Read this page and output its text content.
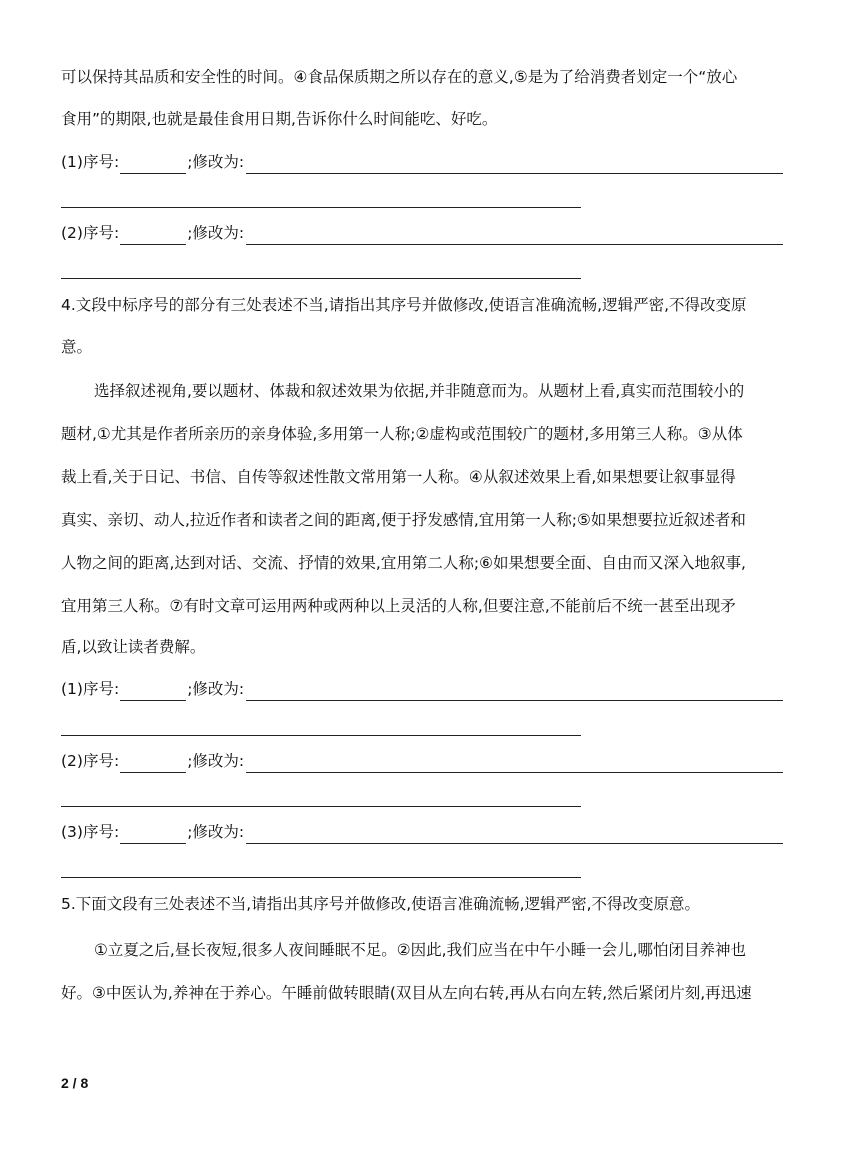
可以保持其品质和安全性的时间。④食品保质期之所以存在的意义,⑤是为了给消费者划定一个“放心
食用”的期限,也就是最佳食用日期,告诉你什么时间能吃、好吃。
(1) 序号:	;修改为:
(2) 序号:	;修改为:
4.文段中标序号的部分有三处表述不当,请指出其序号并做修改,使语言准确流畅,逻辑严密,不得改变原
意。
选择叙述视角,要以题材、体裁和叙述效果为依据,并非随意而为。从题材上看,真实而范围较小的
题材,①尤其是作者所亲历的亲身体验,多用第一人称;②虚构或范围较广的题材,多用第三人称。③从体
裁上看,关于日记、书信、自传等叙述性散文常用第一人称。④从叙述效果上看,如果想要让叙事显得
真实、亲切、动人,拉近作者和读者之间的距离,便于抒发感情,宜用第一人称;⑤如果想要拉近叙述者和
人物之间的距离,达到对话、交流、抒情的效果,宜用第二人称;⑥如果想要全面、自由而又深入地叙事,
宜用第三人称。⑦有时文章可运用两种或两种以上灵活的人称,但要注意,不能前后不统一甚至出现矛
盾,以致让读者费解。
(1) 序号:	;修改为:
(2) 序号:	;修改为:
(3) 序号:	;修改为:
5.下面文段有三处表述不当,请指出其序号并做修改,使语言准确流畅,逻辑严密,不得改变原意。
①立夏之后,昼长夜短,很多人夜间睡眠不足。②因此,我们应当在中午小睡一会儿,哪怕闭目养神也
好。③中医认为,养神在于养心。午睡前做转眼睛(双目从左向右转,再从右向左转,然后紧闭片刻,再迅速
2 / 8
